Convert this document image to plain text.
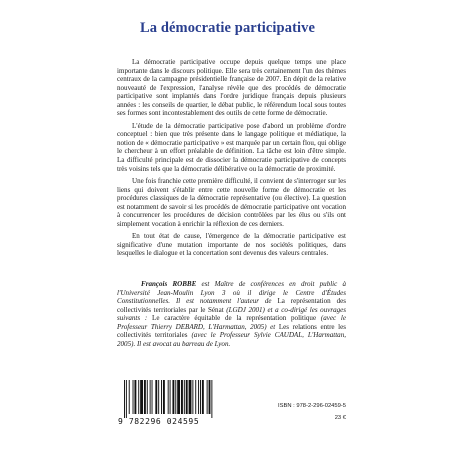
La démocratie participative

La démocratie participative occupe depuis quelque temps une place importante dans le discours politique. Elle sera très certainement l'un des thèmes centraux de la campagne présidentielle française de 2007. En dépit de la relative nouveauté de l'expression, l'analyse révèle que des procédés de démocratie participative sont implantés dans l'ordre juridique français depuis plusieurs années : les conseils de quartier, le débat public, le référendum local sous toutes ses formes sont incontestablement des outils de cette forme de démocratie.

L'étude de la démocratie participative pose d'abord un problème d'ordre conceptuel : bien que très présente dans le langage politique et médiatique, la notion de « démocratie participative » est marquée par un certain flou, qui oblige le chercheur à un effort préalable de définition. La tâche est loin d'être simple. La difficulté principale est de dissocier la démocratie participative de concepts très voisins tels que la démocratie délibérative ou la démocratie de proximité.

Une fois franchie cette première difficulté, il convient de s'interroger sur les liens qui doivent s'établir entre cette nouvelle forme de démocratie et les procédures classiques de la démocratie représentative (ou élective). La question est notamment de savoir si les procédés de démocratie participative ont vocation à concurrencer les procédures de décision contrôlées par les élus ou s'ils ont simplement vocation à enrichir la réflexion de ces derniers.

En tout état de cause, l'émergence de la démocratie participative est significative d'une mutation importante de nos sociétés politiques, dans lesquelles le dialogue et la concertation sont devenus des valeurs centrales.

François ROBBE est Maître de conférences en droit public à l'Université Jean-Moulin Lyon 3 où il dirige le Centre d'Études Constitutionnelles. Il est notamment l'auteur de La représentation des collectivités territoriales par le Sénat (LGDJ 2001) et a co-dirigé les ouvrages suivants : Le caractère équitable de la représentation politique (avec le Professeur Thierry DEBARD, L'Harmattan, 2005) et Les relations entre les collectivités territoriales (avec le Professeur Sylvie CAUDAL, L'Harmattan, 2005). Il est avocat au barreau de Lyon.
9 782296 024595
ISBN : 978-2-296-02459-5
23 €
